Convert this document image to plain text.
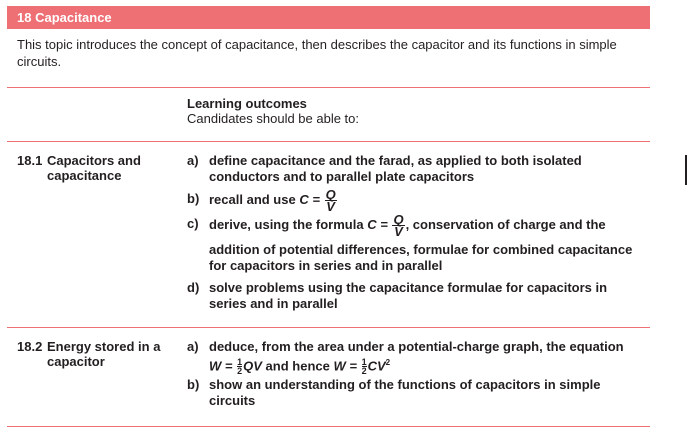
18 Capacitance
This topic introduces the concept of capacitance, then describes the capacitor and its functions in simple circuits.
Learning outcomes
Candidates should be able to:
18.1 Capacitors and capacitance
a) define capacitance and the farad, as applied to both isolated conductors and to parallel plate capacitors
b) recall and use $C = \frac{Q}{V}$
c) derive, using the formula $C = \frac{Q}{V}$ , conservation of charge and the
addition of potential differences, formulae for combined capacitance for capacitors in series and in parallel
d) solve problems using the capacitance formulae for capacitors in series and in parallel
18.2 Energy stored in a capacitor
a) deduce, from the area under a potential-charge graph, the equation
$W = \frac{1}{2}$ QV and hence $W = \frac{1}{2} CV^2$
b) show an understanding of the functions of capacitors in simple circuits
